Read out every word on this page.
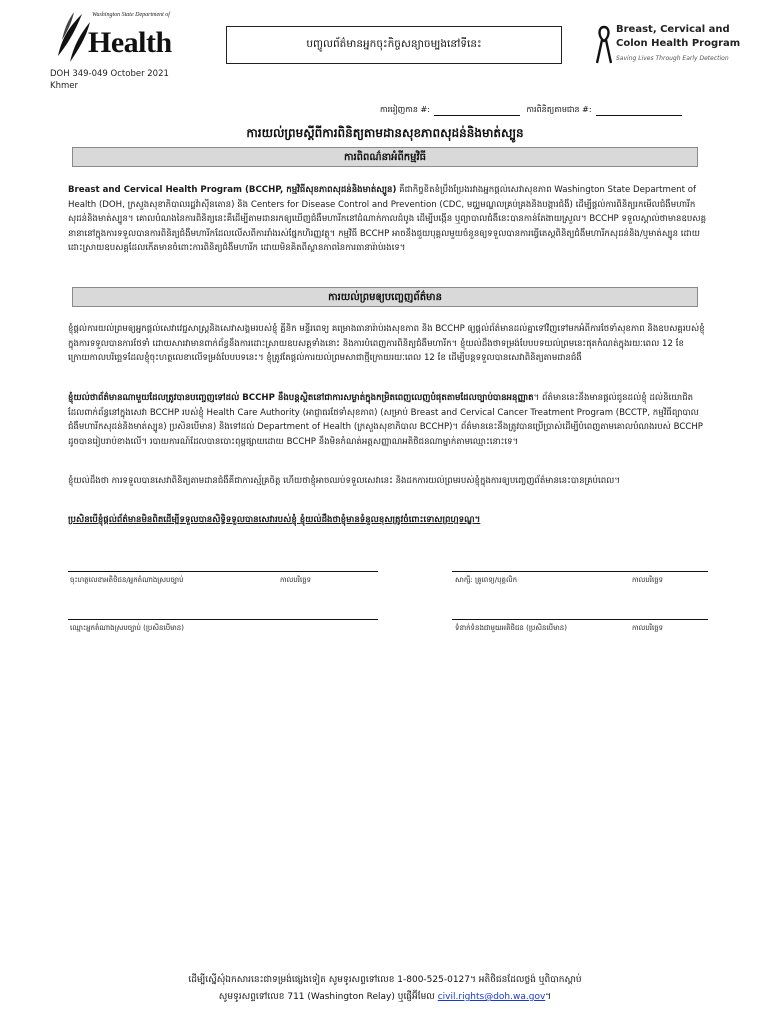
Washington State Department of
Health
DOH 349-049 October 2021
Khmer
បញ្ចូលព័ត៌មានអ្នកចុះកិច្ចសន្យាចម្បងនៅទីនេះ
Breast, Cervical and
Colon Health Program
Saving Lives Through Early Detection
ការរៀញកាន #:	ការពិនិត្យតាមជាន #:
ការយល់ព្រមស្តីពីការពិនិត្យតាមដានសុខភាពសុដន់និងមាត់ស្បូន
ការពិពណ៌នាអំពីកម្មវិធី
Breast and Cervical Health Program (BCCHP, កម្មវិធីសុខភាពសុដន់និងមាត់ស្បូន) គឺជាកិច្ចខិតខំប្រឹងប្រែងរវាងអ្នកផ្តល់សេវាសុខភាព Washington State Department of Health (DOH, ក្រសួងសុខាភិបាលរដ្ឋវ៉ាស៊ីនតោន) និង Centers for Disease Control and Prevention (CDC, មជ្ឈមណ្ឌលគ្រប់គ្រងនិងបង្ការជំងឺ) ដើម្បីផ្តល់ការពិនិត្យរកមើលជំងឺមហារីកសុដន់និងមាត់ស្បូន។ គោលបំណងនៃការពិនិត្យនេះគឺដើម្បីតាមដានរកឲ្យឃើញជំងឺមហារីកនៅដំណាក់កាលដំបូង ដើម្បីបង្កើន ឬព្យាបាលជំងឺនេះបានកាន់តែងាយស្រួល។ BCCHP ទទួលស្គាល់ថាមានឧបសគ្គនានានៅក្នុងការទទួលបានការពិនិត្យជំងឺមហារីកដែលលើសពីការរាំងរស់ផ្នែកហិរញ្ញវត្ថុ។ កម្មវិធី BCCHP អាចនឹងជួយបុគ្គលមួយចំនួនឲ្យទទួលបានការធ្វើតេស្តពិនិត្យជំងឺមហារីកសុដន់និង/ឬមាត់ស្បូន ដោយដោះស្រាយឧបសគ្គដែលកើតមានចំពោះការពិនិត្យជំងឺមហារីក ដោយមិនគិតពីស្ថានភាពនៃការធានារ៉ាប់រងទេ។
ការយល់ព្រមឲ្យបញ្ចេញព័ត៌មាន
ខ្ញុំផ្តល់ការយល់ព្រមឲ្យអ្នកផ្តល់សេវាវេជ្ជសាស្ត្រនិងសេវាសង្គមរបស់ខ្ញុំ គ្លីនិក មន្ទីរពេទ្យ គម្រោងធានារ៉ាប់រងសុខភាព និង BCCHP ឲ្យផ្តល់ព័ត៌មានដល់គ្នាទៅវិញទៅមកអំពីការថែទាំសុខភាព និងឧបសគ្គរបស់ខ្ញុំក្នុងការទទួលបានការថែទាំ ដោយសារវាមានពាក់ព័ន្ធនឹងការដោះស្រាយឧបសគ្គទាំងនោះ និងការបំពេញការពិនិត្យជំងឺមហារីក។ ខ្ញុំយល់ដឹងថាទម្រង់បែបបទយល់ព្រមនេះផុតកំណត់ក្នុងរយៈពេល 12 ខែ ក្រោយកាលបរិច្ឆេទដែលខ្ញុំចុះហត្ថលេខាលើទម្រង់បែបបទនេះ។ ខ្ញុំត្រូវតែផ្តល់ការយល់ព្រមសាជាថ្មីក្រោយរយៈពេល 12 ខែ ដើម្បីបន្តទទួលបានសេវាពិនិត្យតាមដានជំងឺ
ខ្ញុំយល់ថាព័ត៌មានណាមួយដែលត្រូវបានបញ្ចេញទៅដល់ BCCHP នឹងបន្តស្ថិតនៅជាការសម្ងាត់ក្នុងកម្រិតពេញលេញបំផុតតាមដែលច្បាប់បានអនុញ្ញាត។ ព័ត៌មាននេះនឹងមានផ្តល់ជូនដល់ខ្ញុំ ដល់និយោជិតដែលពាក់ព័ន្ធនៅក្នុងសេវា BCCHP របស់ខ្ញុំ Health Care Authority (អាជ្ញាធរថែទាំសុខភាព) (សម្រាប់ Breast and Cervical Cancer Treatment Program (BCCTP, កម្មវិធីព្យាបាលជំងឺមហារីកសុដន់និងមាត់ស្បូន) ប្រសិនបើមាន) និងទៅដល់ Department of Health (ក្រសួងសុខាភិបាល BCCHP)។ ព័ត៌មាននេះនឹងត្រូវបានប្រើប្រាស់ដើម្បីបំពេញតាមគោលបំណងរបស់ BCCHP ដូចបានរៀបរាប់ខាងលើ។ របាយការណ៍ដែលបានបោះពុម្ពផ្សាយដោយ BCCHP នឹងមិនកំណត់អត្តសញ្ញាណអតិថិជនណាម្នាក់តាមឈ្មោះនោះទេ។
ខ្ញុំយល់ដឹងថា ការទទួលបានសេវាពិនិត្យតាមដានជំងឺគឺជាការស្ម័គ្រចិត្ត ហើយថាខ្ញុំអាចឈប់ទទួលសេវានេះ និងដកការយល់ព្រមរបស់ខ្ញុំក្នុងការឲ្យបញ្ចេញព័ត៌មាននេះបានគ្រប់ពេល។
ប្រសិនបើខ្ញុំផ្តល់ព័ត៌មានមិនពិតដើម្បីទទួលបានសិទ្ធិទទួលបានសេវារបស់ខ្ញុំ ខ្ញុំយល់ដឹងថាខ្ញុំមានទំនួលខុសត្រូវចំពោះទោសព្រហ្មទណ្ឌ។
ចុះហត្ថលេខាអតិថិជន/អ្នកតំណាងស្របច្បាប់	កាលបរិច្ឆេទ	សាក្សី: គ្រូពេទ្យ/បុគ្គលិក	កាលបរិច្ឆេទ
ឈ្មោះអ្នកតំណាងស្របច្បាប់ (ប្រសិនបើមាន)	ទំនាក់ទំនងជាមួយអតិថិជន (ប្រសិនបើមាន)	កាលបរិច្ឆេទ
ដើម្បីស្នើសុំឯកសារនេះជាទម្រង់ផ្សេងទៀត សូមទូរសព្ទទៅលេខ 1-800-525-0127។ អតិថិជនដែលថ្លង់ ឬពិបាកស្តាប់
សូមទូរសព្ទទៅលេខ 711 (Washington Relay) ឬផ្ញើអ៊ីមែល civil.rights@doh.wa.gov។
